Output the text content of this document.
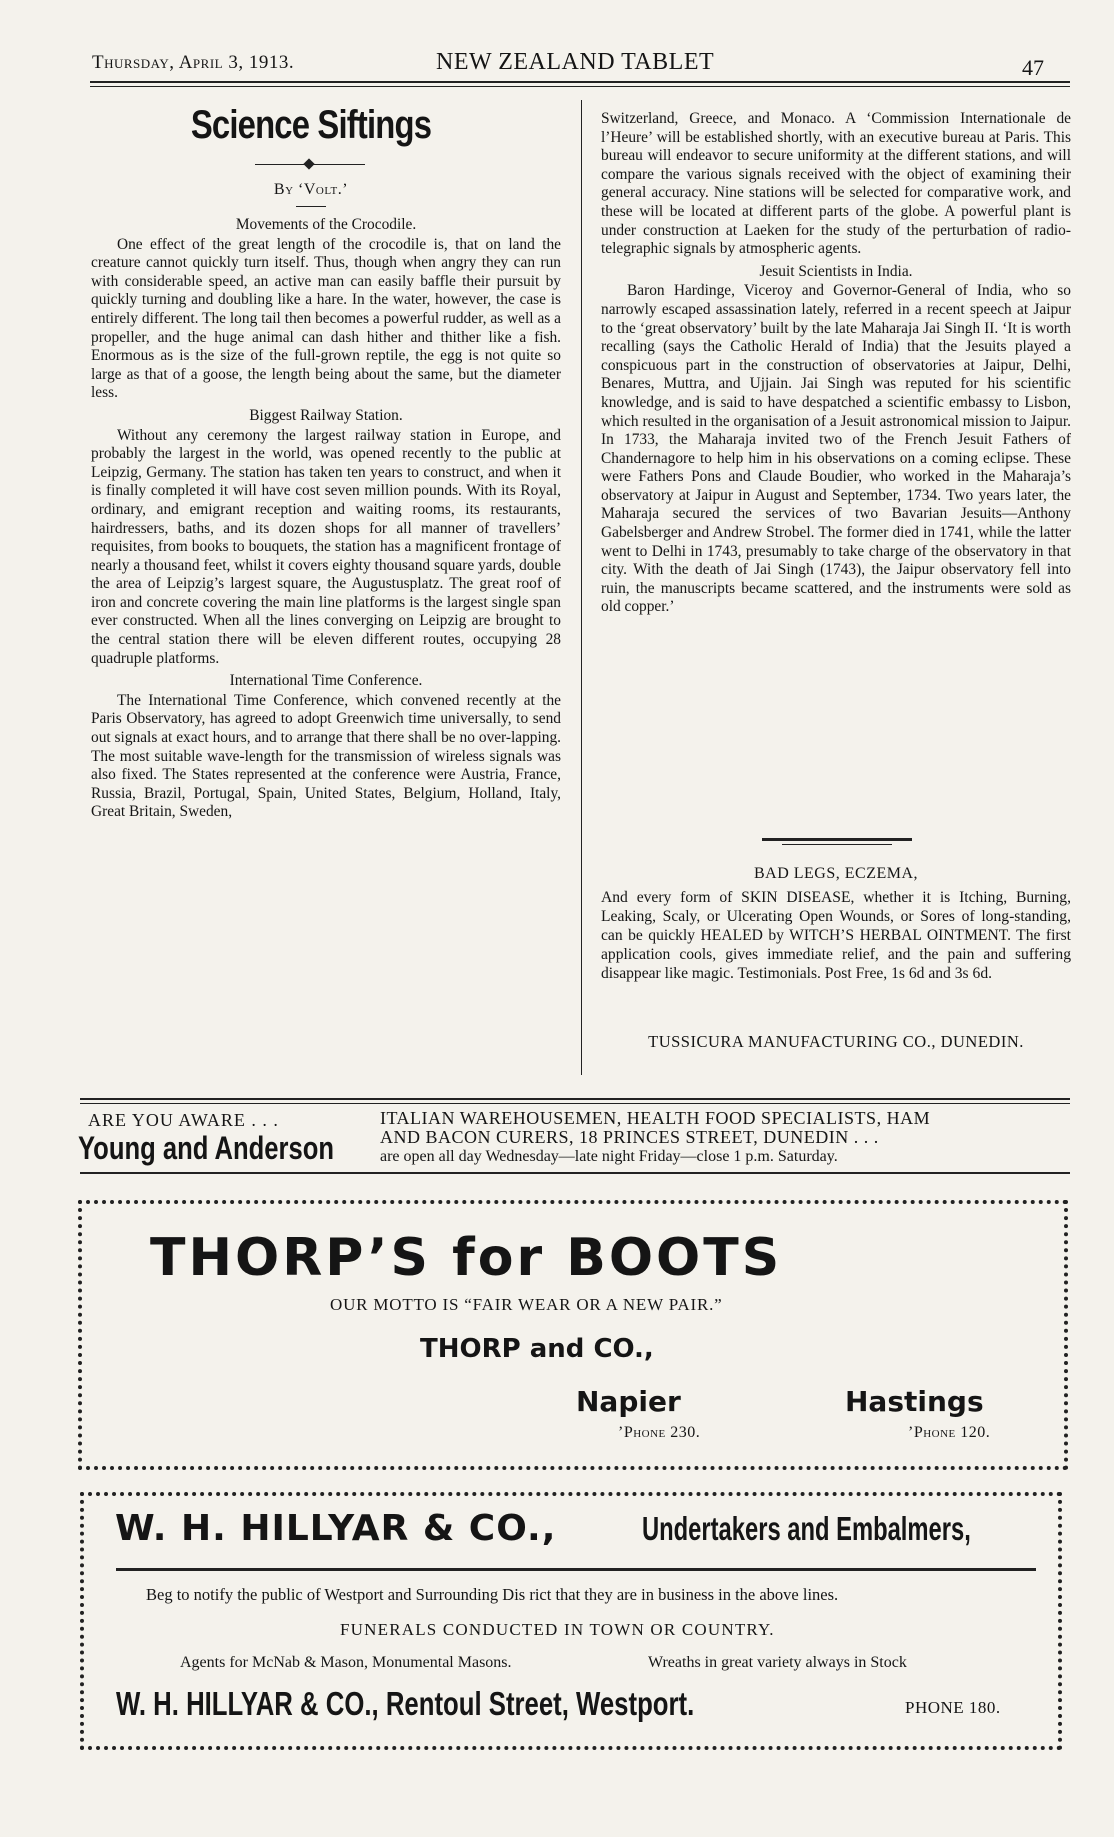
Thursday, April 3, 1913.	NEW ZEALAND TABLET	47
Science Siftings
By ‘Volt.’

Movements of the Crocodile.

One effect of the great length of the crocodile is, that on land the creature cannot quickly turn itself. Thus, though when angry they can run with considerable speed, an active man can easily baffle their pursuit by quickly turning and doubling like a hare. In the water, however, the case is entirely different. The long tail then becomes a powerful rudder, as well as a propeller, and the huge animal can dash hither and thither like a fish. Enormous as is the size of the full-grown reptile, the egg is not quite so large as that of a goose, the length being about the same, but the diameter less.

Biggest Railway Station.

Without any ceremony the largest railway station in Europe, and probably the largest in the world, was opened recently to the public at Leipzig, Germany. The station has taken ten years to construct, and when it is finally completed it will have cost seven million pounds. With its Royal, ordinary, and emigrant reception and waiting rooms, its restaurants, hairdressers, baths, and its dozen shops for all manner of travellers’ requisites, from books to bouquets, the station has a magnificent frontage of nearly a thousand feet, whilst it covers eighty thousand square yards, double the area of Leipzig’s largest square, the Augustusplatz. The great roof of iron and concrete covering the main line platforms is the largest single span ever constructed. When all the lines converging on Leipzig are brought to the central station there will be eleven different routes, occupying 28 quadruple platforms.

International Time Conference.

The International Time Conference, which convened recently at the Paris Observatory, has agreed to adopt Greenwich time universally, to send out signals at exact hours, and to arrange that there shall be no over-lapping. The most suitable wave-length for the transmission of wireless signals was also fixed. The States represented at the conference were Austria, France, Russia, Brazil, Portugal, Spain, United States, Belgium, Holland, Italy, Great Britain, Sweden,

Switzerland, Greece, and Monaco. A ‘Commission Internationale de l’Heure’ will be established shortly, with an executive bureau at Paris. This bureau will endeavor to secure uniformity at the different stations, and will compare the various signals received with the object of examining their general accuracy. Nine stations will be selected for comparative work, and these will be located at different parts of the globe. A powerful plant is under construction at Laeken for the study of the perturbation of radio-telegraphic signals by atmospheric agents.

Jesuit Scientists in India.

Baron Hardinge, Viceroy and Governor-General of India, who so narrowly escaped assassination lately, referred in a recent speech at Jaipur to the ‘great observatory’ built by the late Maharaja Jai Singh II. ‘It is worth recalling (says the Catholic Herald of India) that the Jesuits played a conspicuous part in the construction of observatories at Jaipur, Delhi, Benares, Muttra, and Ujjain. Jai Singh was reputed for his scientific knowledge, and is said to have despatched a scientific embassy to Lisbon, which resulted in the organisation of a Jesuit astronomical mission to Jaipur. In 1733, the Maharaja invited two of the French Jesuit Fathers of Chandernagore to help him in his observations on a coming eclipse. These were Fathers Pons and Claude Boudier, who worked in the Maharaja’s observatory at Jaipur in August and September, 1734. Two years later, the Maharaja secured the services of two Bavarian Jesuits—Anthony Gabelsberger and Andrew Strobel. The former died in 1741, while the latter went to Delhi in 1743, presumably to take charge of the observatory in that city. With the death of Jai Singh (1743), the Jaipur observatory fell into ruin, the manuscripts became scattered, and the instruments were sold as old copper.’

BAD LEGS, ECZEMA,
And every form of SKIN DISEASE, whether it is Itching, Burning, Leaking, Scaly, or Ulcerating Open Wounds, or Sores of long-standing, can be quickly HEALED by WITCH’S HERBAL OINTMENT. The first application cools, gives immediate relief, and the pain and suffering disappear like magic. Testimonials. Post Free, 1s 6d and 3s 6d.
TUSSICURA MANUFACTURING CO., DUNEDIN.
ARE YOU AWARE . . .
Young and Anderson
ITALIAN WAREHOUSEMEN, HEALTH FOOD SPECIALISTS, HAM
AND BACON CURERS, 18 PRINCES STREET, DUNEDIN . . .
are open all day Wednesday—late night Friday—close 1 p.m. Saturday.
THORP’S for BOOTS
OUR MOTTO IS “FAIR WEAR OR A NEW PAIR.”
THORP and CO.,
Napier	Hastings
’Phone 230.	’Phone 120.
W. H. HILLYAR & CO.,	Undertakers and Embalmers,
Beg to notify the public of Westport and Surrounding Dis rict that they are in business in the above lines.
FUNERALS CONDUCTED IN TOWN OR COUNTRY.
Agents for McNab & Mason, Monumental Masons.	Wreaths in great variety always in Stock
W. H. HILLYAR & CO., Rentoul Street, Westport.	PHONE 180.
